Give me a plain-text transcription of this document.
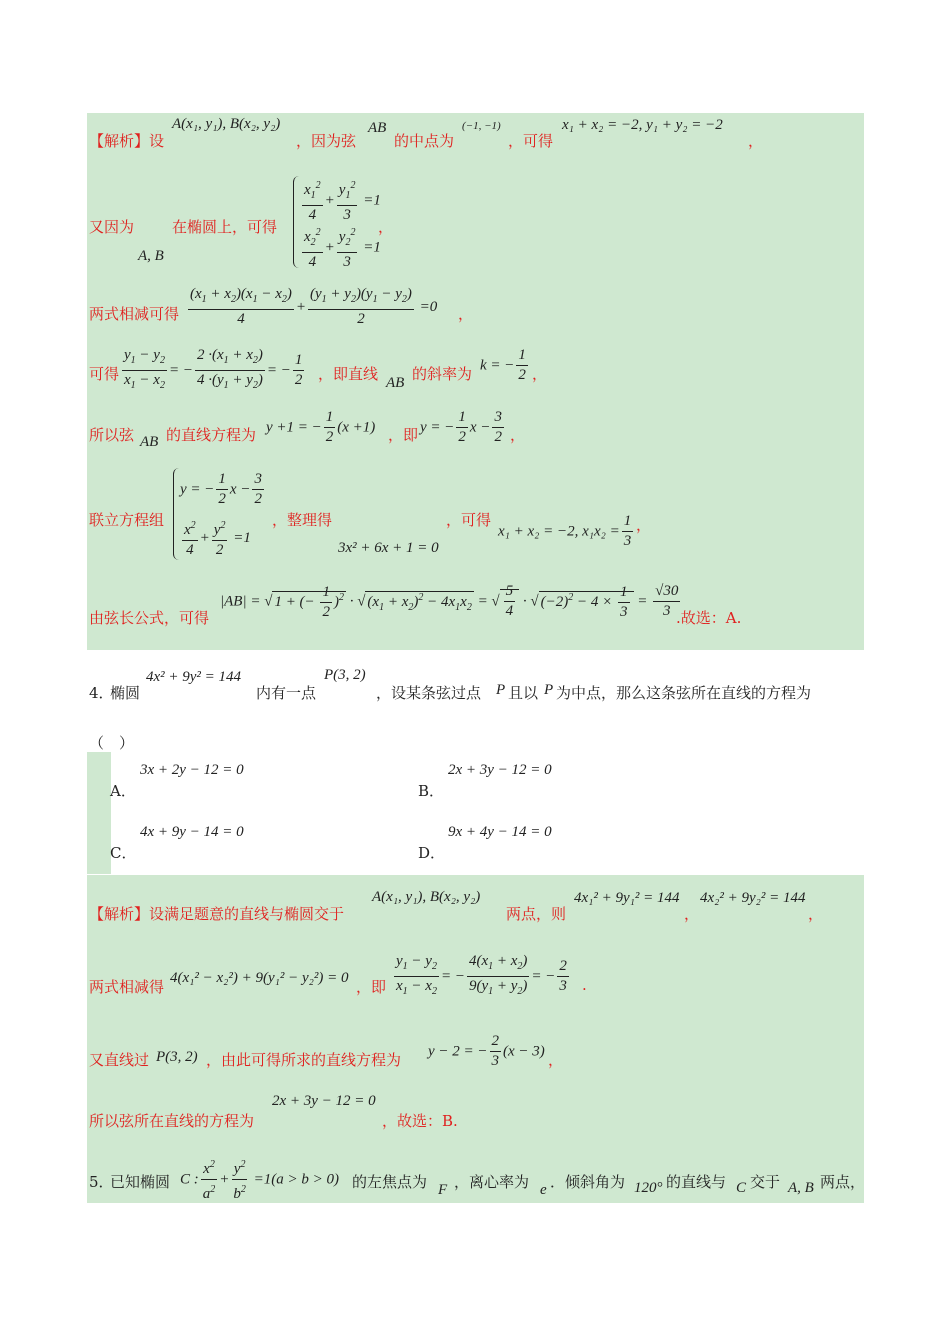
【解析】设
A(x₁, y₁), B(x₂, y₂)
，因为弦
AB
的中点为
(−1, −1)
，可得
x₁ + x₂ = −2, y₁ + y₂ = −2
，
又因为
A, B
在椭圆上，可得
$\frac{x_1^2}{4} + \frac{y_1^2}{3} =1$
$\frac{x_2^2}{4} + \frac{y_2^2}{3} =1$
，
两式相减可得 $\frac{(x_1 + x_2)(x_1 - x_2)}{4} + \frac{(y_1 + y_2)(y_1 - y_2)}{2} =0$ ，
可得 $\frac{y_1 - y_2}{x_1 - x_2}$ = − $\frac{2 \cdot(x_1 + x_2)}{4 \cdot(y_1 + y_2)}$ = − $\frac{1}{2}$ ，即直线 AB 的斜率为 k = − $\frac{1}{2}$ ，
所以弦 AB 的直线方程为 y +1 = − $\frac{1}{2} (x +1)$ ，即 y = − $\frac{1}{2}$ $x - \frac{3}{2}$ ，
联立方程组
y = − $\frac{1}{2}$ $x - \frac{3}{2}$
$\frac{x^2}{4} + \frac{y^2}{2} =1$
，整理得
3x² + 6x + 1 = 0
，可得
x₁ + x₂ = −2, $x_1x_2 = \frac{1}{3}$ ，
由弦长公式，可得
|AB| = √ 1 + (− $\frac{1}{2} )^2$ · √ $(x_1 + x_2)^2 - 4x_1x_2$ = √ $\frac{5}{4}$ · √ $(-2)^2 - 4 \times \frac{1}{3} = \frac{√30}{3}$
.故选：A.
4．
椭圆
4x² + 9y² = 144
内有一点
P(3, 2)
，设某条弦过点 P 且以 P 为中点，那么这条弦所在直线的方程为
（　）
3x + 2y − 12 = 0
A．
2x + 3y − 12 = 0
B．
4x + 9y − 14 = 0
C．
9x + 4y − 14 = 0
D．
【解析】设满足题意的直线与椭圆交于
A(x₁, y₁), B(x₂, y₂)
两点，则
4x₁² + 9y₁² = 144
，
4x₂² + 9y₂² = 144
，
两式相减得 4(x₁² − x₂²) + 9(y₁² − y₂²) = 0 ，即 $\frac{y_1 - y_2}{x_1 - x_2}$ = − $\frac{4(x_1 + x_2)}{9(y_1 + y_2)}$ = − $\frac{2}{3}$ .
又直线过 P(3, 2) ，由此可得所求的直线方程为 y − 2 = − $\frac{2}{3} (x - 3)$ ，
所以弦所在直线的方程为
2x + 3y − 12 = 0
，故选：B.
5．
已知椭圆 C : $\frac{x^2}{a^2} + \frac{y^2}{b^2} =1(a > b > 0)$ 的左焦点为 F ，离心率为 e ．倾斜角为 120° 的直线与 C 交于 A, B 两点，
